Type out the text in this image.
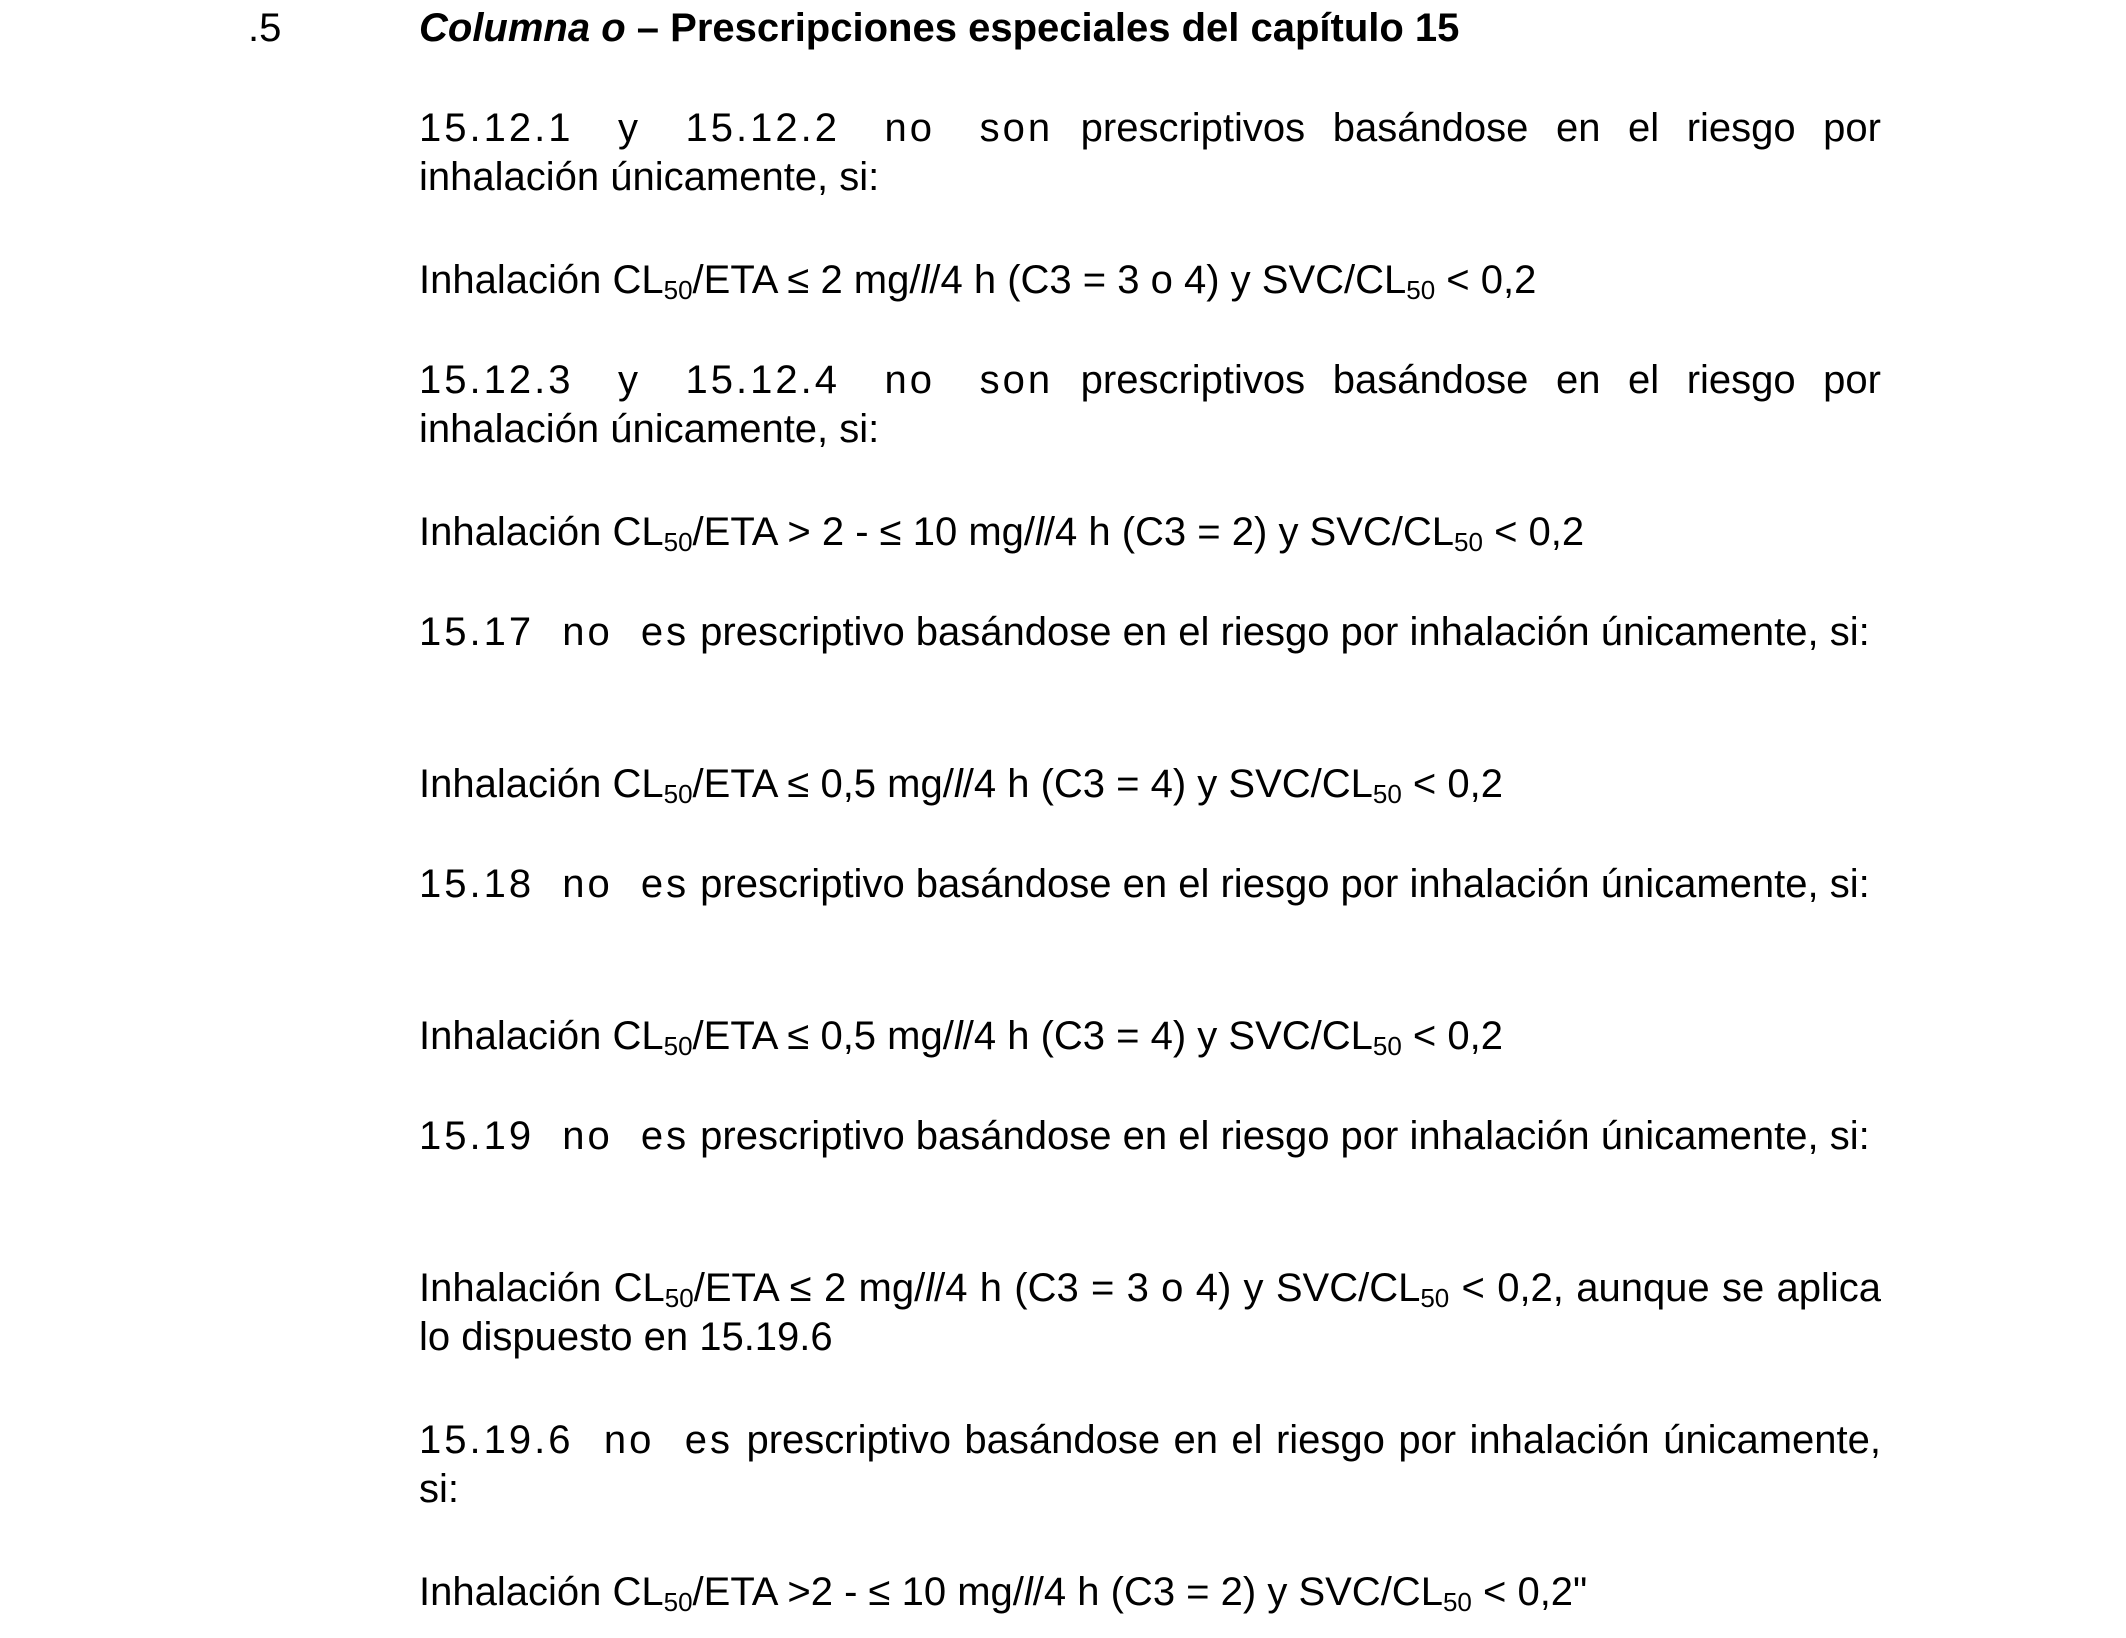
.5	Columna o – Prescripciones especiales del capítulo 15

15.12.1 y 15.12.2 no son prescriptivos basándose en el riesgo por inhalación únicamente, si:

Inhalación $CL_{50}$/ETA ≤ 2 mg/l/4 h (C3 = 3 o 4) y SVC/$CL_{50} < 0,2$

15.12.3 y 15.12.4 no son prescriptivos basándose en el riesgo por inhalación únicamente, si:

Inhalación $CL_{50}$/ETA > 2 - ≤ 10 mg/l/4 h (C3 = 2) y SVC/$CL_{50} < 0,2$

15.17 no es prescriptivo basándose en el riesgo por inhalación únicamente, si:

Inhalación $CL_{50}$/ETA ≤ 0,5 mg/l/4 h (C3 = 4) y SVC/$CL_{50} < 0,2$

15.18 no es prescriptivo basándose en el riesgo por inhalación únicamente, si:

Inhalación $CL_{50}$/ETA ≤ 0,5 mg/l/4 h (C3 = 4) y SVC/$CL_{50} < 0,2$

15.19 no es prescriptivo basándose en el riesgo por inhalación únicamente, si:

Inhalación $CL_{50}$/ETA ≤ 2 mg/l/4 h (C3 = 3 o 4) y SVC/$CL_{50} < 0,2$, aunque se aplica lo dispuesto en 15.19.6

15.19.6 no es prescriptivo basándose en el riesgo por inhalación únicamente, si:

Inhalación $CL_{50}$/ETA >2 - ≤ 10 mg/l/4 h (C3 = 2) y SVC/$CL_{50} < 0,2$"
